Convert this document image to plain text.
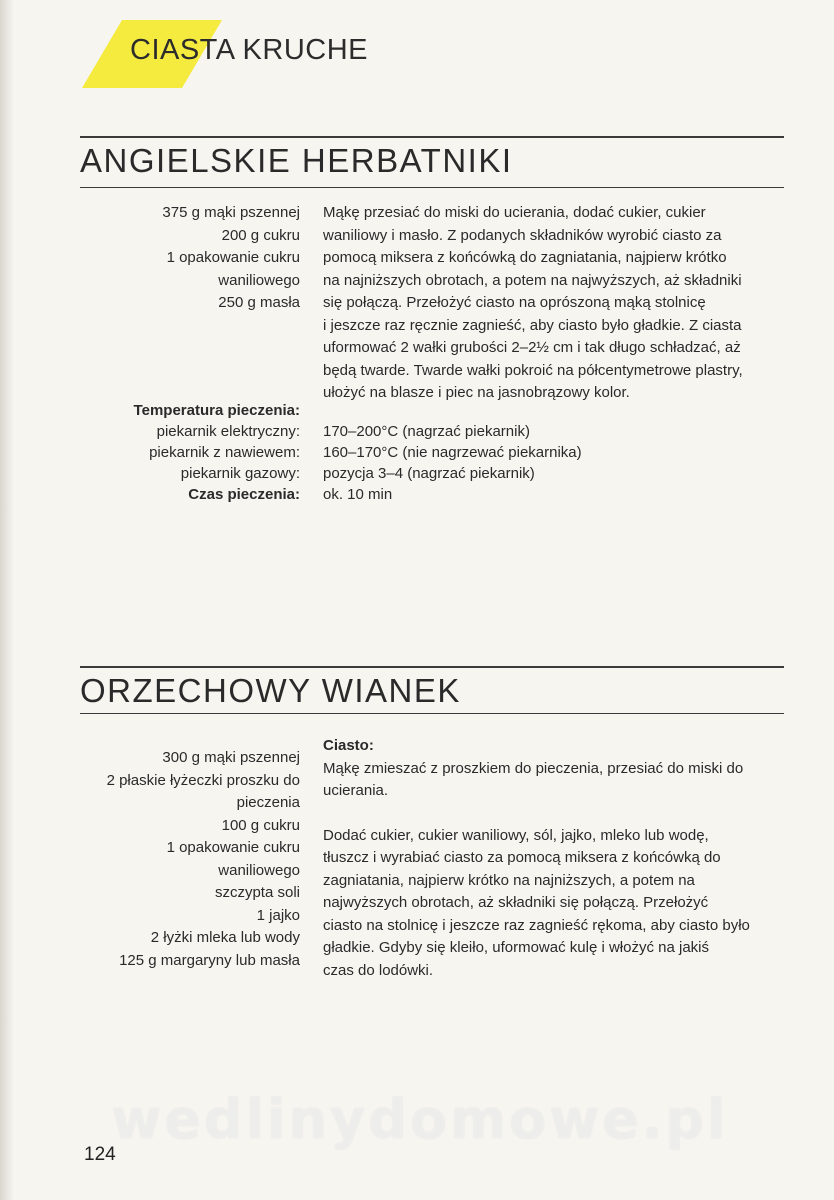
CIASTA KRUCHE
ANGIELSKIE HERBATNIKI
375 g mąki pszennej
200 g cukru
1 opakowanie cukru
waniliowego
250 g masła
Mąkę przesiać do miski do ucierania, dodać cukier, cukier
waniliowy i masło. Z podanych składników wyrobić ciasto za
pomocą miksera z końcówką do zagniatania, najpierw krótko
na najniższych obrotach, a potem na najwyższych, aż składniki
się połączą. Przełożyć ciasto na oprószoną mąką stolnicę
i jeszcze raz ręcznie zagnieść, aby ciasto było gładkie. Z ciasta
uformować 2 wałki grubości 2–2½ cm i tak długo schładzać, aż
będą twarde. Twarde wałki pokroić na półcentymetrowe plastry,
ułożyć na blasze i piec na jasnobrązowy kolor.
Temperatura pieczenia:
piekarnik elektryczny:
piekarnik z nawiewem:
piekarnik gazowy:
Czas pieczenia:
170–200°C (nagrzać piekarnik)
160–170°C (nie nagrzewać piekarnika)
pozycja 3–4 (nagrzać piekarnik)
ok. 10 min
ORZECHOWY WIANEK
300 g mąki pszennej
2 płaskie łyżeczki proszku do
pieczenia
100 g cukru
1 opakowanie cukru
waniliowego
szczypta soli
1 jajko
2 łyżki mleka lub wody
125 g margaryny lub masła
Ciasto:
Mąkę zmieszać z proszkiem do pieczenia, przesiać do miski do
ucierania.
Dodać cukier, cukier waniliowy, sól, jajko, mleko lub wodę,
tłuszcz i wyrabiać ciasto za pomocą miksera z końcówką do
zagniatania, najpierw krótko na najniższych, a potem na
najwyższych obrotach, aż składniki się połączą. Przełożyć
ciasto na stolnicę i jeszcze raz zagnieść rękoma, aby ciasto było
gładkie. Gdyby się kleiło, uformować kulę i włożyć na jakiś
czas do lodówki.
wedlinydomowe.pl
124
